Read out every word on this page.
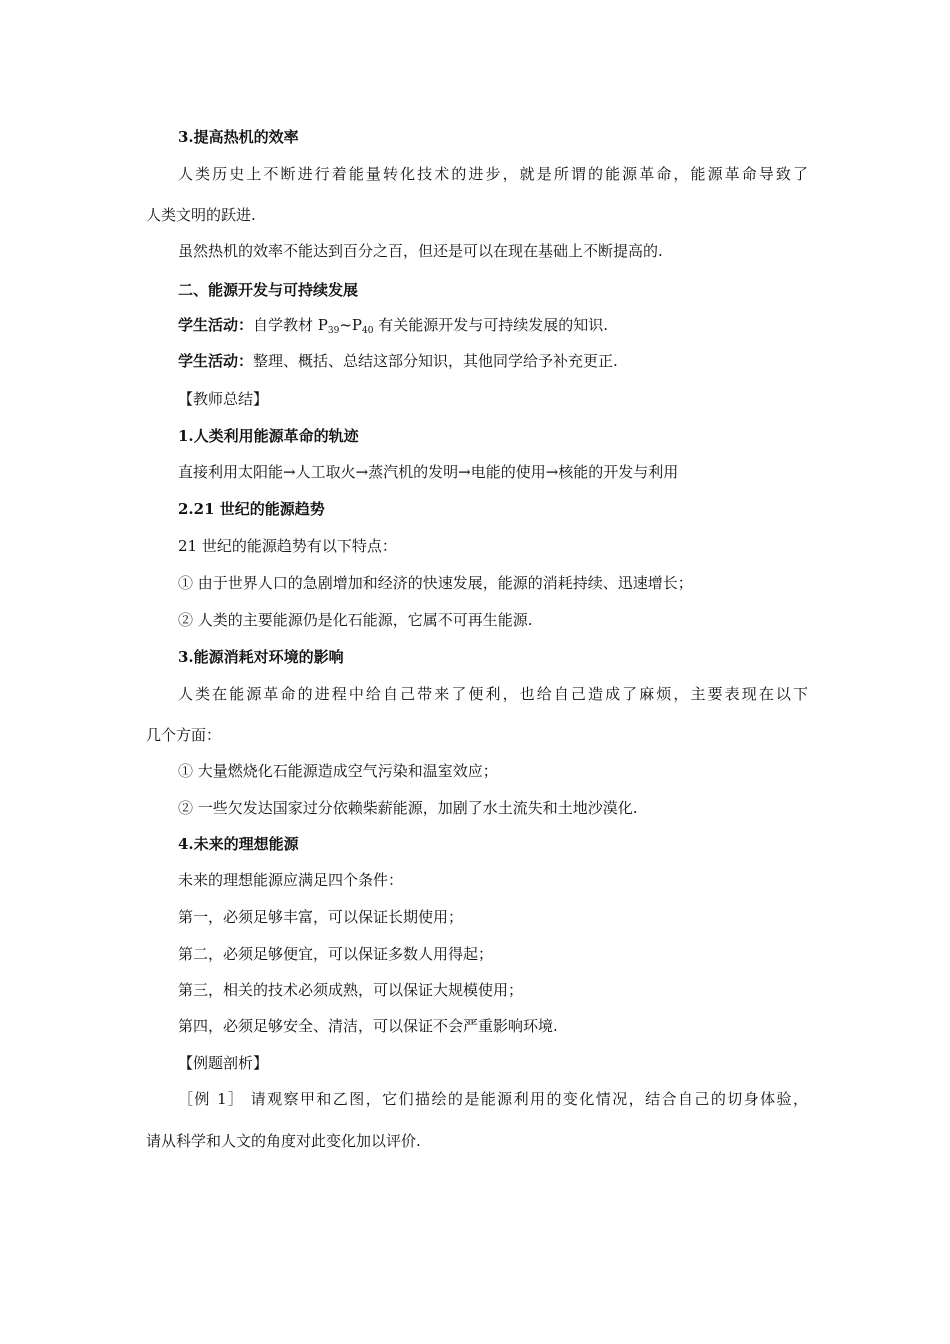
3.提高热机的效率
人类历史上不断进行着能量转化技术的进步，就是所谓的能源革命，能源革命导致了
人类文明的跃进.
虽然热机的效率不能达到百分之百，但还是可以在现在基础上不断提高的.
二、能源开发与可持续发展
学生活动：自学教材 $P_{39}\sim P_{40}$ 有关能源开发与可持续发展的知识.
学生活动：整理、概括、总结这部分知识，其他同学给予补充更正.
【教师总结】
1.人类利用能源革命的轨迹
直接利用太阳能→人工取火→蒸汽机的发明→电能的使用→核能的开发与利用
2.21 世纪的能源趋势
21 世纪的能源趋势有以下特点：
① 由于世界人口的急剧增加和经济的快速发展，能源的消耗持续、迅速增长；
② 人类的主要能源仍是化石能源，它属不可再生能源.
3.能源消耗对环境的影响
人类在能源革命的进程中给自己带来了便利，也给自己造成了麻烦，主要表现在以下
几个方面：
① 大量燃烧化石能源造成空气污染和温室效应；
② 一些欠发达国家过分依赖柴薪能源，加剧了水土流失和土地沙漠化.
4.未来的理想能源
未来的理想能源应满足四个条件：
第一，必须足够丰富，可以保证长期使用；
第二，必须足够便宜，可以保证多数人用得起；
第三，相关的技术必须成熟，可以保证大规模使用；
第四，必须足够安全、清洁，可以保证不会严重影响环境.
【例题剖析】
［例 1］ 请观察甲和乙图，它们描绘的是能源利用的变化情况，结合自己的切身体验，
请从科学和人文的角度对此变化加以评价.
